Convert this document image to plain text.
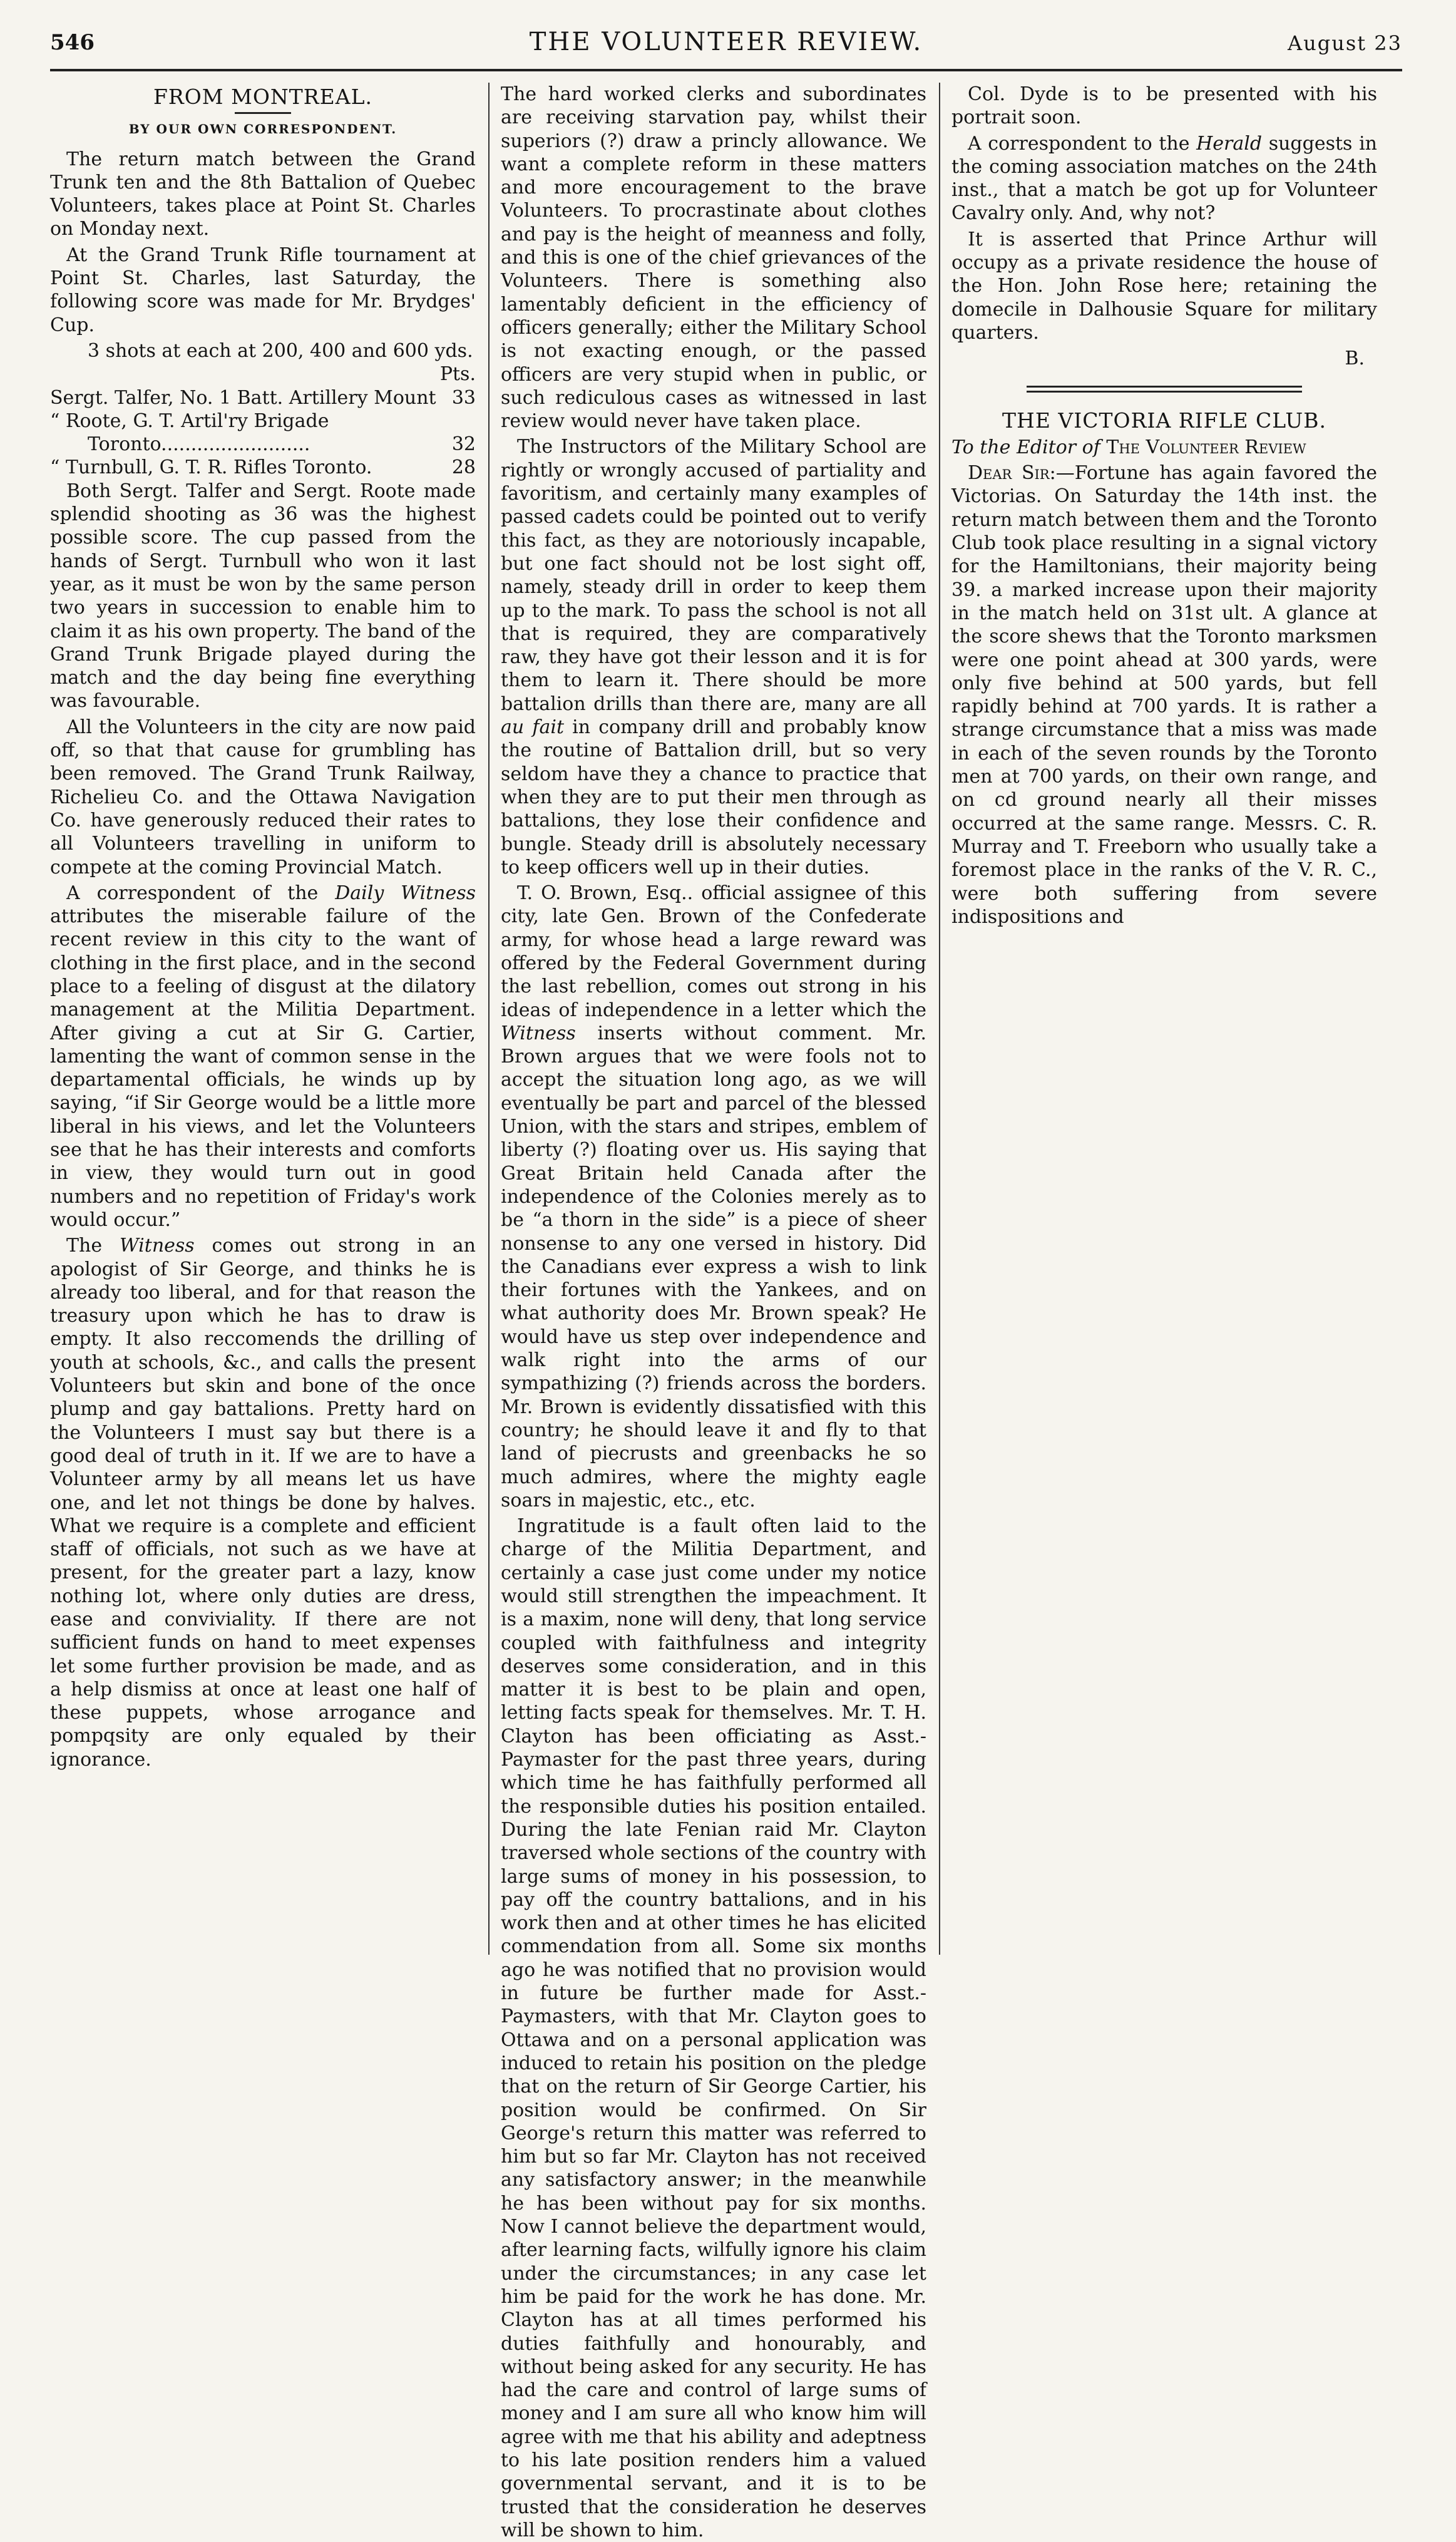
546	THE VOLUNTEER REVIEW.	August 23
FROM MONTREAL.
BY OUR OWN CORRESPONDENT.

The return match between the Grand Trunk ten and the 8th Battalion of Quebec Volunteers, takes place at Point St. Charles on Monday next.

At the Grand Trunk Rifle tournament at Point St. Charles, last Saturday, the following score was made for Mr. Brydges' Cup.

3 shots at each at 200, 400 and 600 yds.
Pts.
Sergt. Talfer, No. 1 Batt. Artillery Mount 33
“ Roote, G. T. Artil'ry Brigade
Toronto.........................	32
“ Turnbull, G. T. R. Rifles Toronto.	28

Both Sergt. Talfer and Sergt. Roote made splendid shooting as 36 was the highest possible score. The cup passed from the hands of Sergt. Turnbull who won it last year, as it must be won by the same person two years in succession to enable him to claim it as his own property. The band of the Grand Trunk Brigade played during the match and the day being fine everything was favourable.

All the Volunteers in the city are now paid off, so that that cause for grumbling has been removed. The Grand Trunk Railway, Richelieu Co. and the Ottawa Navigation Co. have generously reduced their rates to all Volunteers travelling in uniform to compete at the coming Provincial Match.

A correspondent of the Daily Witness attributes the miserable failure of the recent review in this city to the want of clothing in the first place, and in the second place to a feeling of disgust at the dilatory management at the Militia Department. After giving a cut at Sir G. Cartier, lamenting the want of common sense in the departamental officials, he winds up by saying, “if Sir George would be a little more liberal in his views, and let the Volunteers see that he has their interests and comforts in view, they would turn out in good numbers and no repetition of Friday's work would occur.”

The Witness comes out strong in an apologist of Sir George, and thinks he is already too liberal, and for that reason the treasury upon which he has to draw is empty. It also reccomends the drilling of youth at schools, &c., and calls the present Volunteers but skin and bone of the once plump and gay battalions. Pretty hard on the Volunteers I must say but there is a good deal of truth in it. If we are to have a Volunteer army by all means let us have one, and let not things be done by halves. What we require is a complete and efficient staff of officials, not such as we have at present, for the greater part a lazy, know nothing lot, where only duties are dress, ease and conviviality. If there are not sufficient funds on hand to meet expenses let some further provision be made, and as a help dismiss at once at least one half of these puppets, whose arrogance and pompqsity are only equaled by their ignorance.

The hard worked clerks and subordinates are receiving starvation pay, whilst their superiors (?) draw a princly allowance. We want a complete reform in these matters and more encouragement to the brave Volunteers. To procrastinate about clothes and pay is the height of meanness and folly, and this is one of the chief grievances of the Volunteers. There is something also lamentably deficient in the efficiency of officers generally; either the Military School is not exacting enough, or the passed officers are very stupid when in public, or such rediculous cases as witnessed in last review would never have taken place.

The Instructors of the Military School are rightly or wrongly accused of partiality and favoritism, and certainly many examples of passed cadets could be pointed out to verify this fact, as they are notoriously incapable, but one fact should not be lost sight off, namely, steady drill in order to keep them up to the mark. To pass the school is not all that is required, they are comparatively raw, they have got their lesson and it is for them to learn it. There should be more battalion drills than there are, many are all au fait in company drill and probably know the routine of Battalion drill, but so very seldom have they a chance to practice that when they are to put their men through as battalions, they lose their confidence and bungle. Steady drill is absolutely necessary to keep officers well up in their duties.

T. O. Brown, Esq.. official assignee of this city, late Gen. Brown of the Confederate army, for whose head a large reward was offered by the Federal Government during the last rebellion, comes out strong in his ideas of independence in a letter which the Witness inserts without comment. Mr. Brown argues that we were fools not to accept the situation long ago, as we will eventually be part and parcel of the blessed Union, with the stars and stripes, emblem of liberty (?) floating over us. His saying that Great Britain held Canada after the independence of the Colonies merely as to be “a thorn in the side” is a piece of sheer nonsense to any one versed in history. Did the Canadians ever express a wish to link their fortunes with the Yankees, and on what authority does Mr. Brown speak? He would have us step over independence and walk right into the arms of our sympathizing (?) friends across the borders. Mr. Brown is evidently dissatisfied with this country; he should leave it and fly to that land of piecrusts and greenbacks he so much admires, where the mighty eagle soars in majestic, etc., etc.

Ingratitude is a fault often laid to the charge of the Militia Department, and certainly a case just come under my notice would still strengthen the impeachment. It is a maxim, none will deny, that long service coupled with faithfulness and integrity deserves some consideration, and in this matter it is best to be plain and open, letting facts speak for themselves. Mr. T. H. Clayton has been officiating as Asst.-Paymaster for the past three years, during which time he has faithfully performed all the responsible duties his position entailed. During the late Fenian raid Mr. Clayton traversed whole sections of the country with large sums of money in his possession, to pay off the country battalions, and in his work then and at other times he has elicited commendation from all. Some six months ago he was notified that no provision would in future be further made for Asst.-Paymasters, with that Mr. Clayton goes to Ottawa and on a personal application was induced to retain his position on the pledge that on the return of Sir George Cartier, his position would be confirmed. On Sir George's return this matter was referred to him but so far Mr. Clayton has not received any satisfactory answer; in the meanwhile he has been without pay for six months. Now I cannot believe the department would, after learning facts, wilfully ignore his claim under the circumstances; in any case let him be paid for the work he has done. Mr. Clayton has at all times performed his duties faithfully and honourably, and without being asked for any security. He has had the care and control of large sums of money and I am sure all who know him will agree with me that his ability and adeptness to his late position renders him a valued governmental servant, and it is to be trusted that the consideration he deserves will be shown to him.

Col. Dyde is to be presented with his portrait soon.

A correspondent to the Herald suggests in the coming association matches on the 24th inst., that a match be got up for Volunteer Cavalry only. And, why not?

It is asserted that Prince Arthur will occupy as a private residence the house of the Hon. John Rose here; retaining the domecile in Dalhousie Square for military quarters.

B.
THE VICTORIA RIFLE CLUB.

To the Editor of The Volunteer Review

Dear Sir:—Fortune has again favored the Victorias. On Saturday the 14th inst. the return match between them and the Toronto Club took place resulting in a signal victory for the Hamiltonians, their majority being 39. a marked increase upon their majority in the match held on 31st ult. A glance at the score shews that the Toronto marksmen were one point ahead at 300 yards, were only five behind at 500 yards, but fell rapidly behind at 700 yards. It is rather a strange circumstance that a miss was made in each of the seven rounds by the Toronto men at 700 yards, on their own range, and on cd ground nearly all their misses occurred at the same range. Messrs. C. R. Murray and T. Freeborn who usually take a foremost place in the ranks of the V. R. C., were both suffering from severe indispositions and
